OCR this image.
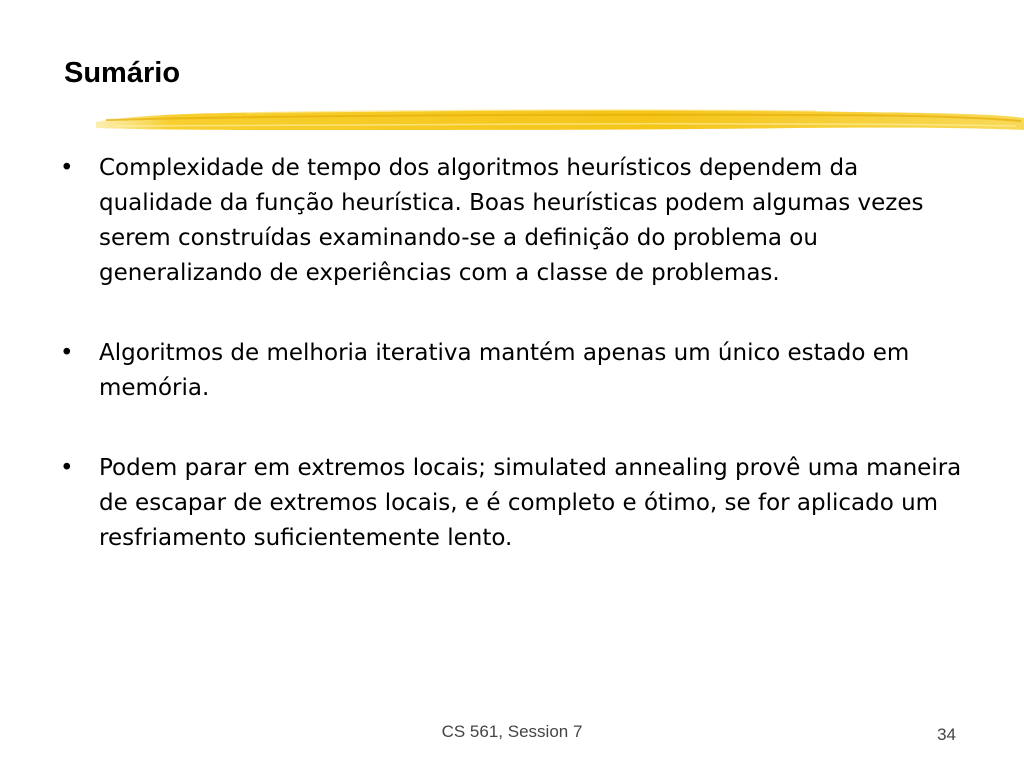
Sumário
• Complexidade de tempo dos algoritmos heurísticos dependem da qualidade da função heurística. Boas heurísticas podem algumas vezes serem construídas examinando-se a definição do problema ou generalizando de experiências com a classe de problemas.
• Algoritmos de melhoria iterativa mantém apenas um único estado em memória.
• Podem parar em extremos locais; simulated annealing provê uma maneira de escapar de extremos locais, e é completo e ótimo, se for aplicado um resfriamento suficientemente lento.
CS 561, Session 7	34
